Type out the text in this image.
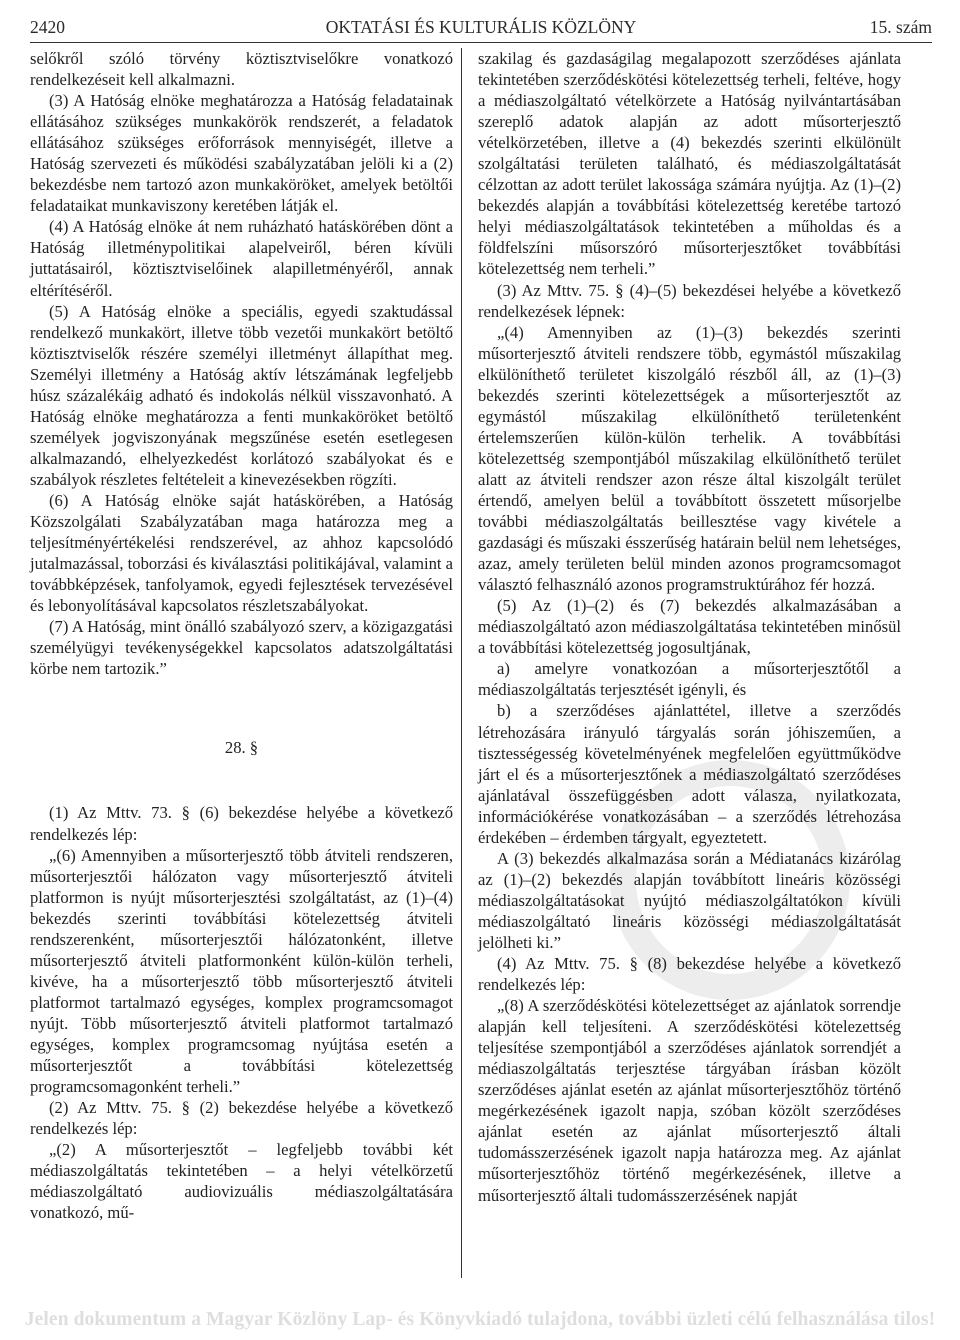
2420	OKTATÁSI ÉS KULTURÁLIS KÖZLÖNY	15. szám

selőkről szóló törvény köztisztviselőkre vonatkozó rendelkezéseit kell alkalmazni.

(3) A Hatóság elnöke meghatározza a Hatóság feladatainak ellátásához szükséges munkakörök rendszerét, a feladatok ellátásához szükséges erőforrások mennyiségét, illetve a Hatóság szervezeti és működési szabályzatában jelöli ki a (2) bekezdésbe nem tartozó azon munkaköröket, amelyek betöltői feladataikat munkaviszony keretében látják el.

(4) A Hatóság elnöke át nem ruházható hatáskörében dönt a Hatóság illetménypolitikai alapelveiről, béren kívüli juttatásairól, köztisztviselőinek alapilletményéről, annak eltérítéséről.

(5) A Hatóság elnöke a speciális, egyedi szaktudással rendelkező munkakört, illetve több vezetői munkakört betöltő köztisztviselők részére személyi illetményt állapíthat meg. Személyi illetmény a Hatóság aktív létszámának legfeljebb húsz százalékáig adható és indokolás nélkül visszavonható. A Hatóság elnöke meghatározza a fenti munkaköröket betöltő személyek jogviszonyának megszűnése esetén esetlegesen alkalmazandó, elhelyezkedést korlátozó szabályokat és e szabályok részletes feltételeit a kinevezésekben rögzíti.

(6) A Hatóság elnöke saját hatáskörében, a Hatóság Közszolgálati Szabályzatában maga határozza meg a teljesítményértékelési rendszerével, az ahhoz kapcsolódó jutalmazással, toborzási és kiválasztási politikájával, valamint a továbbképzések, tanfolyamok, egyedi fejlesztések tervezésével és lebonyolításával kapcsolatos részletszabályokat.

(7) A Hatóság, mint önálló szabályozó szerv, a közigazgatási személyügyi tevékenységekkel kapcsolatos adatszolgáltatási körbe nem tartozik.”

28. §

(1) Az Mttv. 73. § (6) bekezdése helyébe a következő rendelkezés lép:

„(6) Amennyiben a műsorterjesztő több átviteli rendszeren, műsorterjesztői hálózaton vagy műsorterjesztő átviteli platformon is nyújt műsorterjesztési szolgáltatást, az (1)–(4) bekezdés szerinti továbbítási kötelezettség átviteli rendszerenként, műsorterjesztői hálózatonként, illetve műsorterjesztő átviteli platformonként külön-külön terheli, kivéve, ha a műsorterjesztő több műsorterjesztő átviteli platformot tartalmazó egységes, komplex programcsomagot nyújt. Több műsorterjesztő átviteli platformot tartalmazó egységes, komplex programcsomag nyújtása esetén a műsorterjesztőt a továbbítási kötelezettség programcsomagonként terheli.”

(2) Az Mttv. 75. § (2) bekezdése helyébe a következő rendelkezés lép:

„(2) A műsorterjesztőt – legfeljebb további két médiaszolgáltatás tekintetében – a helyi vételkörzetű médiaszolgáltató audiovizuális médiaszolgáltatására vonatkozó, mű-

szakilag és gazdaságilag megalapozott szerződéses ajánlata tekintetében szerződéskötési kötelezettség terheli, feltéve, hogy a médiaszolgáltató vételkörzete a Hatóság nyilvántartásában szereplő adatok alapján az adott műsorterjesztő vételkörzetében, illetve a (4) bekezdés szerinti elkülönült szolgáltatási területen található, és médiaszolgáltatását célzottan az adott terület lakossága számára nyújtja. Az (1)–(2) bekezdés alapján a továbbítási kötelezettség keretébe tartozó helyi médiaszolgáltatások tekintetében a műholdas és a földfelszíni műsorszóró műsorterjesztőket továbbítási kötelezettség nem terheli.”

(3) Az Mttv. 75. § (4)–(5) bekezdései helyébe a következő rendelkezések lépnek:

„(4) Amennyiben az (1)–(3) bekezdés szerinti műsorterjesztő átviteli rendszere több, egymástól műszakilag elkülöníthető területet kiszolgáló részből áll, az (1)–(3) bekezdés szerinti kötelezettségek a műsorterjesztőt az egymástól műszakilag elkülöníthető területenként értelemszerűen külön-külön terhelik. A továbbítási kötelezettség szempontjából műszakilag elkülöníthető terület alatt az átviteli rendszer azon része által kiszolgált terület értendő, amelyen belül a továbbított összetett műsorjelbe további médiaszolgáltatás beillesztése vagy kivétele a gazdasági és műszaki ésszerűség határain belül nem lehetséges, azaz, amely területen belül minden azonos programcsomagot választó felhasználó azonos programstruktúrához fér hozzá.

(5) Az (1)–(2) és (7) bekezdés alkalmazásában a médiaszolgáltató azon médiaszolgáltatása tekintetében minősül a továbbítási kötelezettség jogosultjának,

a) amelyre vonatkozóan a műsorterjesztőtől a médiaszolgáltatás terjesztését igényli, és

b) a szerződéses ajánlattétel, illetve a szerződés létrehozására irányuló tárgyalás során jóhiszeműen, a tisztességesség követelményének megfelelően együttműködve járt el és a műsorterjesztőnek a médiaszolgáltató szerződéses ajánlatával összefüggésben adott válasza, nyilatkozata, információkérése vonatkozásában – a szerződés létrehozása érdekében – érdemben tárgyalt, egyeztetett.

A (3) bekezdés alkalmazása során a Médiatanács kizárólag az (1)–(2) bekezdés alapján továbbított lineáris közösségi médiaszolgáltatásokat nyújtó médiaszolgáltatókon kívüli médiaszolgáltató lineáris közösségi médiaszolgáltatását jelölheti ki.”

(4) Az Mttv. 75. § (8) bekezdése helyébe a következő rendelkezés lép:

„(8) A szerződéskötési kötelezettséget az ajánlatok sorrendje alapján kell teljesíteni. A szerződéskötési kötelezettség teljesítése szempontjából a szerződéses ajánlatok sorrendjét a médiaszolgáltatás terjesztése tárgyában írásban közölt szerződéses ajánlat esetén az ajánlat műsorterjesztőhöz történő megérkezésének igazolt napja, szóban közölt szerződéses ajánlat esetén az ajánlat műsorterjesztő általi tudomásszerzésének igazolt napja határozza meg. Az ajánlat műsorterjesztőhöz történő megérkezésének, illetve a műsorterjesztő általi tudomásszerzésének napját

Jelen dokumentum a Magyar Közlöny Lap- és Könyvkiadó tulajdona, további üzleti célú felhasználása tilos!
